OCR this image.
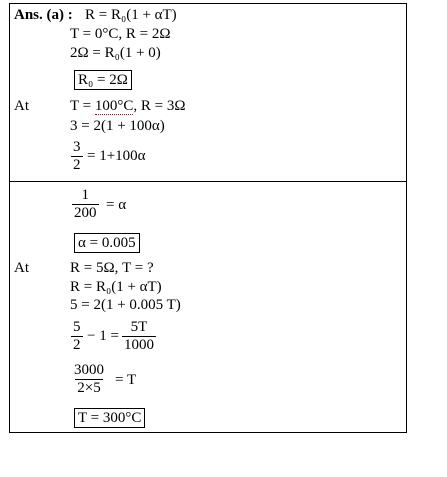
Ans. (a) : R = R₀(1 + αT)
T = 0°C, R = 2Ω
2Ω = R₀(1 + 0)
R₀ = 2Ω
At	T = 100°C, R = 3Ω
3 = 2(1 + 100α)
$\frac{3}{2} = 1+100\alpha$
$\frac{1}{200} = \alpha$
α = 0.005
At	R = 5Ω, T = ?
R = R₀(1 + αT)
5 = 2(1 + 0.005 T)
$\frac{5}{2} - 1 = \frac{5T}{1000}$
$\frac{3000}{2\times 5} = T$
T = 300°C
